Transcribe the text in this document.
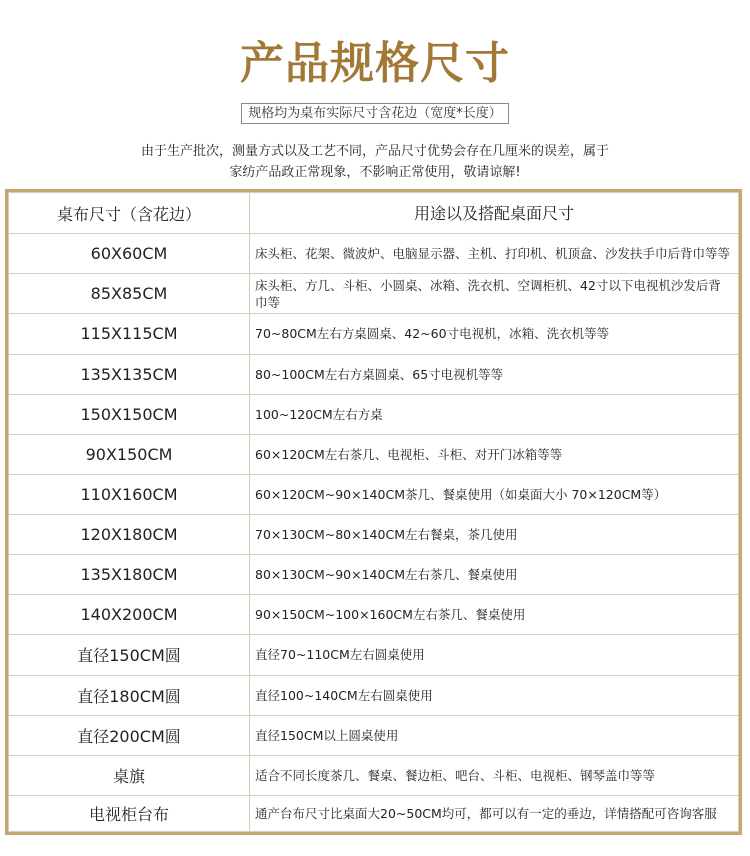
产品规格尺寸
规格均为桌布实际尺寸含花边（宽度*长度）
由于生产批次，测量方式以及工艺不同，产品尺寸优势会存在几厘米的误差，属于
家纺产品政正常现象，不影响正常使用，敬请谅解!
桌布尺寸（含花边）	用途以及搭配桌面尺寸
60X60CM	床头柜、花架、微波炉、电脑显示器、主机、打印机、机顶盒、沙发扶手巾后背巾等等
85X85CM	床头柜、方几、斗柜、小圆桌、冰箱、洗衣机、空调柜机、42寸以下电视机沙发后背巾等
115X115CM	70~80CM左右方桌圆桌、42~60寸电视机，冰箱、洗衣机等等
135X135CM	80~100CM左右方桌圆桌、65寸电视机等等
150X150CM	100~120CM左右方桌
90X150CM	60×120CM左右茶几、电视柜、斗柜、对开门冰箱等等
110X160CM	60×120CM~90×140CM茶几、餐桌使用（如桌面大小 70×120CM等）
120X180CM	70×130CM~80×140CM左右餐桌，茶几使用
135X180CM	80×130CM~90×140CM左右茶几、餐桌使用
140X200CM	90×150CM~100×160CM左右茶几、餐桌使用
直径150CM圆	直径70~110CM左右圆桌使用
直径180CM圆	直径100~140CM左右圆桌使用
直径200CM圆	直径150CM以上圆桌使用
桌旗	适合不同长度茶几、餐桌、餐边柜、吧台、斗柜、电视柜、钢琴盖巾等等
电视柜台布	通产台布尺寸比桌面大20~50CM均可，都可以有一定的垂边，详情搭配可咨询客服
